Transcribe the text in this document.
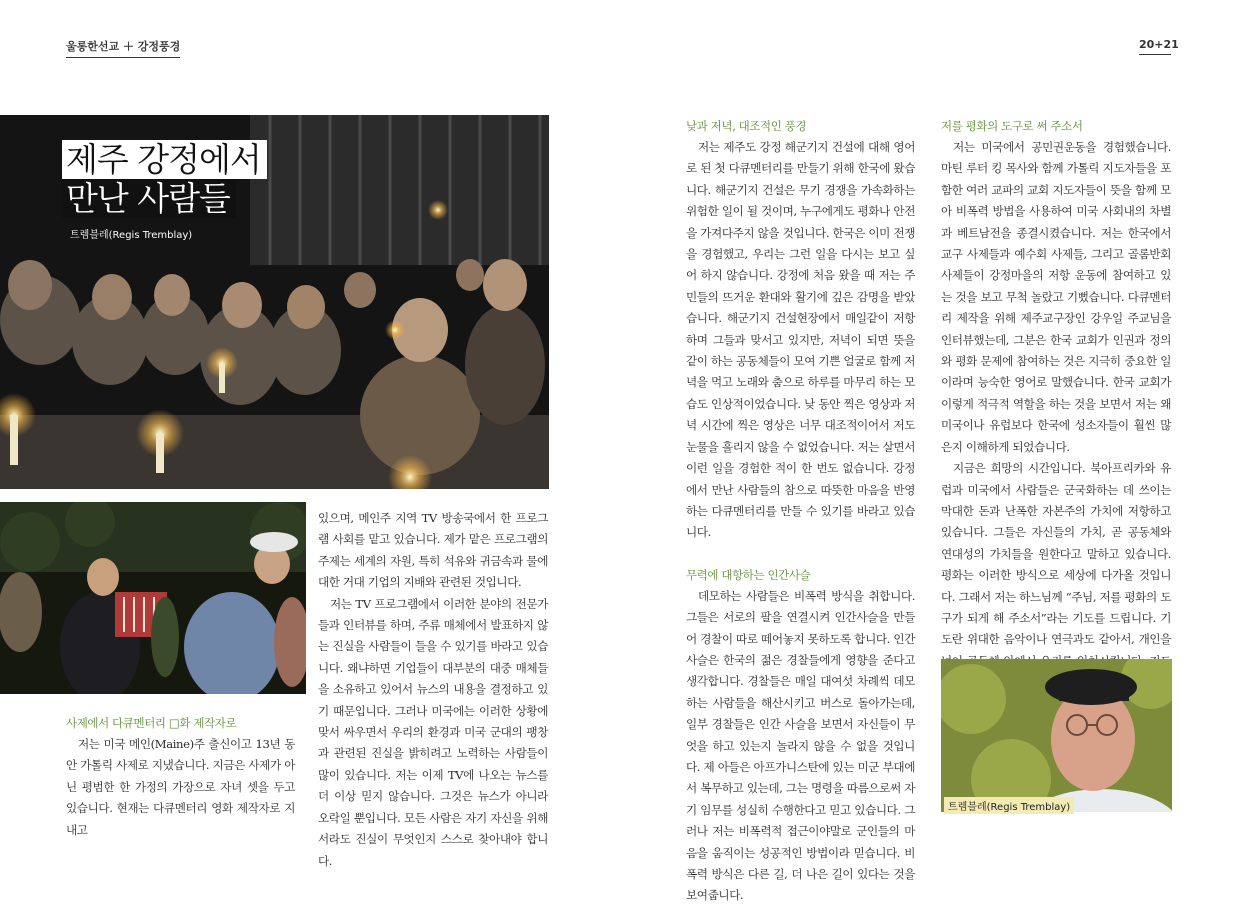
울롱한선교 ＋ 강정풍경	20+21
제주 강정에서
만난 사람들
트렘블레(Regis Tremblay)

사제에서 다큐멘터리 □화 제작자로

저는 미국 메인(Maine)주 출신이고 13년 동안 가톨릭 사제로 지냈습니다. 지금은 사제가 아닌 평범한 한 가정의 가장으로 자녀 셋을 두고 있습니다. 현재는 다큐멘터리 영화 제작자로 지내고

있으며, 메인주 지역 TV 방송국에서 한 프로그램 사회를 맡고 있습니다. 제가 맡은 프로그램의 주제는 세계의 자원, 특히 석유와 귀금속과 물에 대한 거대 기업의 지배와 관련된 것입니다.

저는 TV 프로그램에서 이러한 분야의 전문가들과 인터뷰를 하며, 주류 매체에서 발표하지 않는 진실을 사람들이 들을 수 있기를 바라고 있습니다. 왜냐하면 기업들이 대부분의 대중 매체들을 소유하고 있어서 뉴스의 내용을 결정하고 있기 때문입니다. 그러나 미국에는 이러한 상황에 맞서 싸우면서 우리의 환경과 미국 군대의 팽창과 관련된 진실을 밝히려고 노력하는 사람들이 많이 있습니다. 저는 이제 TV에 나오는 뉴스를 더 이상 믿지 않습니다. 그것은 뉴스가 아니라 오락일 뿐입니다. 모든 사람은 자기 자신을 위해서라도 진실이 무엇인지 스스로 찾아내야 합니다.

낮과 저녁, 대조적인 풍경

저는 제주도 강정 해군기지 건설에 대해 영어로 된 첫 다큐멘터리를 만들기 위해 한국에 왔습니다. 해군기지 건설은 무기 경쟁을 가속화하는 위험한 일이 될 것이며, 누구에게도 평화나 안전을 가져다주지 않을 것입니다. 한국은 이미 전쟁을 경험했고, 우리는 그런 일을 다시는 보고 싶어 하지 않습니다. 강정에 처음 왔을 때 저는 주민들의 뜨거운 환대와 활기에 깊은 감명을 받았습니다. 해군기지 건설현장에서 매일같이 저항하며 그들과 맞서고 있지만, 저녁이 되면 뜻을 같이 하는 공동체들이 모여 기쁜 얼굴로 함께 저녁을 먹고 노래와 춤으로 하루를 마무리 하는 모습도 인상적이었습니다. 낮 동안 찍은 영상과 저녁 시간에 찍은 영상은 너무 대조적이어서 저도 눈물을 흘리지 않을 수 없었습니다. 저는 살면서 이런 일을 경험한 적이 한 번도 없습니다. 강정에서 만난 사람들의 참으로 따뜻한 마음을 반영하는 다큐멘터리를 만들 수 있기를 바라고 있습니다.

무력에 대항하는 인간사슬

데모하는 사람들은 비폭력 방식을 취합니다. 그들은 서로의 팔을 연결시켜 인간사슬을 만들어 경찰이 따로 떼어놓지 못하도록 합니다. 인간사슬은 한국의 젊은 경찰들에게 영향을 준다고 생각합니다. 경찰들은 매일 대여섯 차례씩 데모하는 사람들을 해산시키고 버스로 돌아가는데, 일부 경찰들은 인간 사슬을 보면서 자신들이 무엇을 하고 있는지 놀라지 않을 수 없을 것입니다. 제 아들은 아프가니스탄에 있는 미군 부대에서 복무하고 있는데, 그는 명령을 따름으로써 자기 임무를 성실히 수행한다고 믿고 있습니다. 그러나 저는 비폭력적 접근이야말로 군인들의 마음을 움직이는 성공적인 방법이라 믿습니다. 비폭력 방식은 다른 길, 더 나은 길이 있다는 것을 보여줍니다.

저를 평화의 도구로 써 주소서

저는 미국에서 공민권운동을 경험했습니다. 마틴 루터 킹 목사와 함께 가톨릭 지도자들을 포함한 여러 교파의 교회 지도자들이 뜻을 함께 모아 비폭력 방법을 사용하여 미국 사회내의 차별과 베트남전을 종결시켰습니다. 저는 한국에서 교구 사제들과 예수회 사제들, 그리고 골롬반회 사제들이 강정마을의 저항 운동에 참여하고 있는 것을 보고 무척 놀랐고 기뻤습니다. 다큐멘터리 제작을 위해 제주교구장인 강우일 주교님을 인터뷰했는데, 그분은 한국 교회가 인권과 정의와 평화 문제에 참여하는 것은 지극히 중요한 일이라며 능숙한 영어로 말했습니다. 한국 교회가 이렇게 적극적 역할을 하는 것을 보면서 저는 왜 미국이나 유럽보다 한국에 성소자들이 훨씬 많은지 이해하게 되었습니다.

지금은 희망의 시간입니다. 북아프리카와 유럽과 미국에서 사람들은 군국화하는 데 쓰이는 막대한 돈과 난폭한 자본주의 가치에 저항하고 있습니다. 그들은 자신들의 가치, 곧 공동체와 연대성의 가치들을 원한다고 말하고 있습니다. 평화는 이러한 방식으로 세상에 다가올 것입니다. 그래서 저는 하느님께 “주님, 저를 평화의 도구가 되게 해 주소서”라는 기도를 드립니다. 기도란 위대한 음악이나 연극과도 같아서, 개인을

트렘블레(Regis Tremblay)
